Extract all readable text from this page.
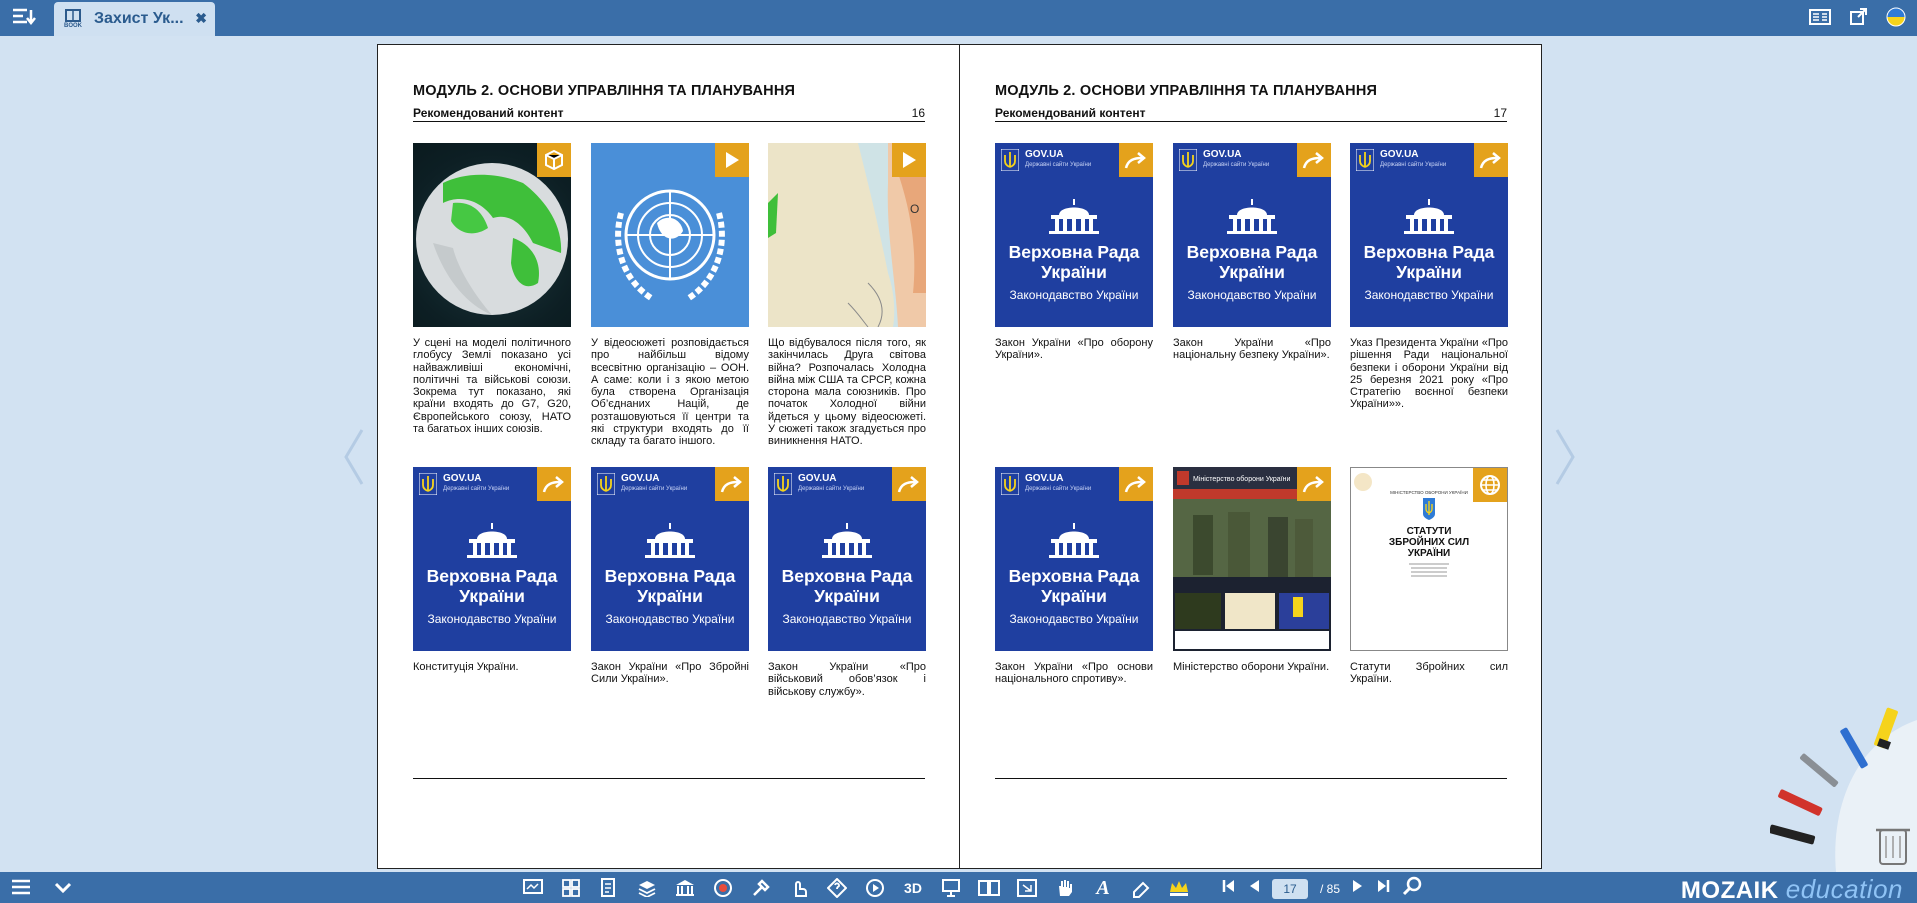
BOOK Захист Ук... ✖
МОДУЛЬ 2. ОСНОВИ УПРАВЛІННЯ ТА ПЛАНУВАННЯ
Рекомендований контент	16
У сцені на моделі політичного глобусу Землі показано усі найважливіші економічні, політичні та військові союзи. Зокрема тут показано, які країни входять до G7, G20, Європейського союзу, НАТО та багатьох інших союзів.
У відеосюжеті розповідається про найбільш відому всесвітню організацію – ООН. А саме: коли і з якою метою була створена Організація Об’єднаних Націй, де розташовуються її центри та які структури входять до її складу та багато іншого.
O
Що відбувалося після того, як закінчилась Друга світова війна? Розпочалась Холодна війна між США та СРСР, кожна сторона мала союзників. Про початок Холодної війни йдеться у цьому відеосюжеті. У сюжеті також згадується про виникнення НАТО.
GOV.UA
Державні сайти України
Верховна Рада України
Законодавство України
Конституція України.
GOV.UA
Державні сайти України
Верховна Рада України
Законодавство України
Закон України «Про Збройні Сили України».
GOV.UA
Державні сайти України
Верховна Рада України
Законодавство України
Закон України «Про військовий обов’язок і військову службу».
МОДУЛЬ 2. ОСНОВИ УПРАВЛІННЯ ТА ПЛАНУВАННЯ
Рекомендований контент	17
GOV.UA
Державні сайти України
Верховна Рада України
Законодавство України
Закон України «Про оборону України».
GOV.UA
Державні сайти України
Верховна Рада України
Законодавство України
Закон України «Про національну безпеку України».
GOV.UA
Державні сайти України
Верховна Рада України
Законодавство України
Указ Президента України «Про рішення Ради національної безпеки і оборони України від 25 березня 2021 року «Про Стратегію воєнної безпеки України»».
GOV.UA
Державні сайти України
Верховна Рада України
Законодавство України
Закон України «Про основи національного спротиву».
Міністерство оборони України
Міністерство оборони України.
МІНІСТЕРСТВО ОБОРОНИ УКРАЇНИ
СТАТУТИ
ЗБРОЙНИХ СИЛ
УКРАЇНИ
Статути Збройних сил України.
3D	A	17	/ 85	MOZAIK education
